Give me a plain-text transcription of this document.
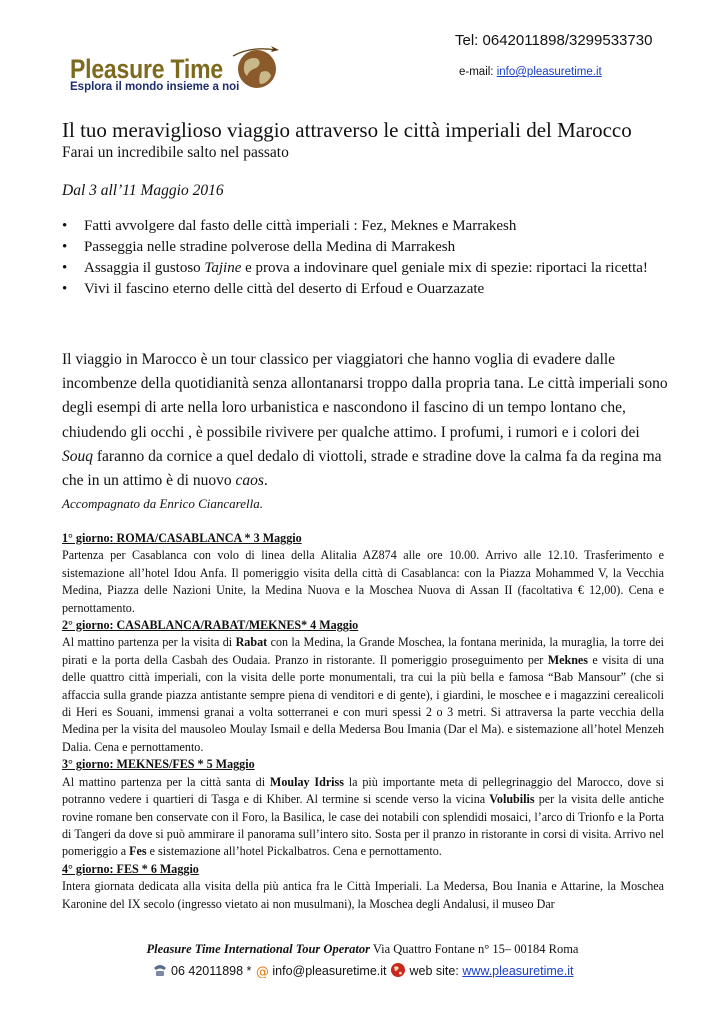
Pleasure Time
Esplora il mondo insieme a noi
Tel: 0642011898/3299533730
e-mail: info@pleasuretime.it
Il tuo meraviglioso viaggio attraverso le città imperiali del Marocco
Farai un incredibile salto nel passato
Dal 3 all’11 Maggio 2016
• Fatti avvolgere dal fasto delle città imperiali : Fez, Meknes e Marrakesh
• Passeggia nelle stradine polverose della Medina di Marrakesh
• Assaggia il gustoso Tajine e prova a indovinare quel geniale mix di spezie: riportaci la ricetta!
• Vivi il fascino eterno delle città del deserto di Erfoud e Ouarzazate

Il viaggio in Marocco è un tour classico per viaggiatori che hanno voglia di evadere dalle incombenze della quotidianità senza allontanarsi troppo dalla propria tana. Le città imperiali sono degli esempi di arte nella loro urbanistica e nascondono il fascino di un tempo lontano che, chiudendo gli occhi , è possibile rivivere per qualche attimo. I profumi, i rumori e i colori dei Souq faranno da cornice a quel dedalo di viottoli, strade e stradine dove la calma fa da regina ma che in un attimo è di nuovo caos.

Accompagnato da Enrico Ciancarella.
1° giorno: ROMA/CASABLANCA * 3 Maggio
Partenza per Casablanca con volo di linea della Alitalia AZ874 alle ore 10.00. Arrivo alle 12.10. Trasferimento e sistemazione all’hotel Idou Anfa. Il pomeriggio visita della città di Casablanca: con la Piazza Mohammed V, la Vecchia Medina, Piazza delle Nazioni Unite, la Medina Nuova e la Moschea Nuova di Assan II (facoltativa € 12,00). Cena e pernottamento.
2° giorno: CASABLANCA/RABAT/MEKNES* 4 Maggio
Al mattino partenza per la visita di Rabat con la Medina, la Grande Moschea, la fontana merinida, la muraglia, la torre dei pirati e la porta della Casbah des Oudaia. Pranzo in ristorante. Il pomeriggio proseguimento per Meknes e visita di una delle quattro città imperiali, con la visita delle porte monumentali, tra cui la più bella e famosa “Bab Mansour” (che si affaccia sulla grande piazza antistante sempre piena di venditori e di gente), i giardini, le moschee e i magazzini cerealicoli di Heri es Souani, immensi granai a volta sotterranei e con muri spessi 2 o 3 metri. Si attraversa la parte vecchia della Medina per la visita del mausoleo Moulay Ismail e della Medersa Bou Imania (Dar el Ma). e sistemazione all’hotel Menzeh Dalia. Cena e pernottamento.
3° giorno: MEKNES/FES * 5 Maggio
Al mattino partenza per la città santa di Moulay Idriss la più importante meta di pellegrinaggio del Marocco, dove si potranno vedere i quartieri di Tasga e di Khiber. Al termine si scende verso la vicina Volubilis per la visita delle antiche rovine romane ben conservate con il Foro, la Basilica, le case dei notabili con splendidi mosaici, l’arco di Trionfo e la Porta di Tangeri da dove si può ammirare il panorama sull’intero sito. Sosta per il pranzo in ristorante in corsi di visita. Arrivo nel pomeriggio a Fes e sistemazione all’hotel Pickalbatros. Cena e pernottamento.
4° giorno: FES * 6 Maggio
Intera giornata dedicata alla visita della più antica fra le Città Imperiali. La Medersa, Bou Inania e Attarine, la Moschea Karonine del IX secolo (ingresso vietato ai non musulmani), la Moschea degli Andalusi, il museo Dar
Pleasure Time International Tour Operator Via Quattro Fontane n° 15– 00184 Roma
06 42011898 * @ info@pleasuretime.it web site: www.pleasuretime.it
